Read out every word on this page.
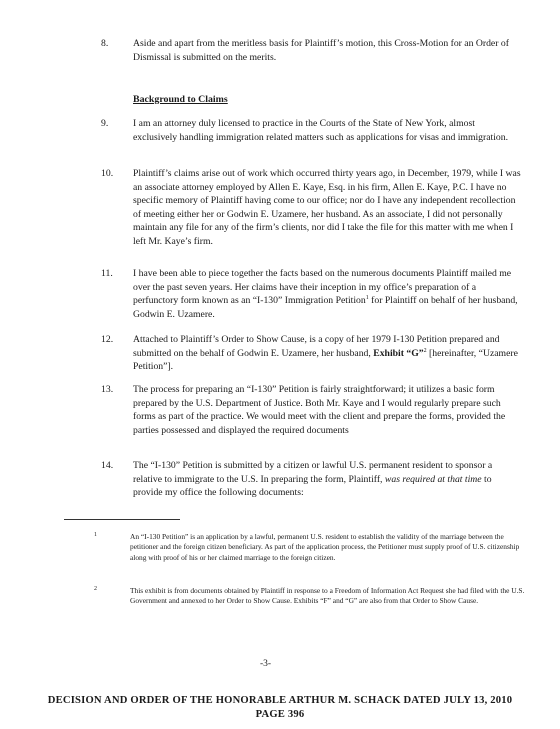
8.	Aside and apart from the meritless basis for Plaintiff’s motion, this Cross-Motion for an Order of Dismissal is submitted on the merits.
Background to Claims
9.	I am an attorney duly licensed to practice in the Courts of the State of New York, almost exclusively handling immigration related matters such as applications for visas and immigration.
10. Plaintiff’s claims arise out of work which occurred thirty years ago, in December, 1979, while I was an associate attorney employed by Allen E. Kaye, Esq. in his firm, Allen E. Kaye, P.C. I have no specific memory of Plaintiff having come to our office; nor do I have any independent recollection of meeting either her or Godwin E. Uzamere, her husband. As an associate, I did not personally maintain any file for any of the firm’s clients, nor did I take the file for this matter with me when I left Mr. Kaye’s firm.
11. I have been able to piece together the facts based on the numerous documents Plaintiff mailed me over the past seven years. Her claims have their inception in my office’s preparation of a perfunctory form known as an “I-130” Immigration Petition$^1$ for Plaintiff on behalf of her husband, Godwin E. Uzamere.
12. Attached to Plaintiff’s Order to Show Cause, is a copy of her 1979 I-130 Petition prepared and submitted on the behalf of Godwin E. Uzamere, her husband, Exhibit “G”$^2$ [hereinafter, “Uzamere Petition”].
13. The process for preparing an “I-130” Petition is fairly straightforward; it utilizes a basic form prepared by the U.S. Department of Justice. Both Mr. Kaye and I would regularly prepare such forms as part of the practice. We would meet with the client and prepare the forms, provided the parties possessed and displayed the required documents
14. The “I-130” Petition is submitted by a citizen or lawful U.S. permanent resident to sponsor a relative to immigrate to the U.S. In preparing the form, Plaintiff, was required at that time to provide my office the following documents:
1	An “I-130 Petition” is an application by a lawful, permanent U.S. resident to establish the validity of the marriage between the petitioner and the foreign citizen beneficiary. As part of the application process, the Petitioner must supply proof of U.S. citizenship along with proof of his or her claimed marriage to the foreign citizen.
2	This exhibit is from documents obtained by Plaintiff in response to a Freedom of Information Act Request she had filed with the U.S. Government and annexed to her Order to Show Cause. Exhibits “F” and “G” are also from that Order to Show Cause.
-3-
DECISION AND ORDER OF THE HONORABLE ARTHUR M. SCHACK DATED JULY 13, 2010
PAGE 396
